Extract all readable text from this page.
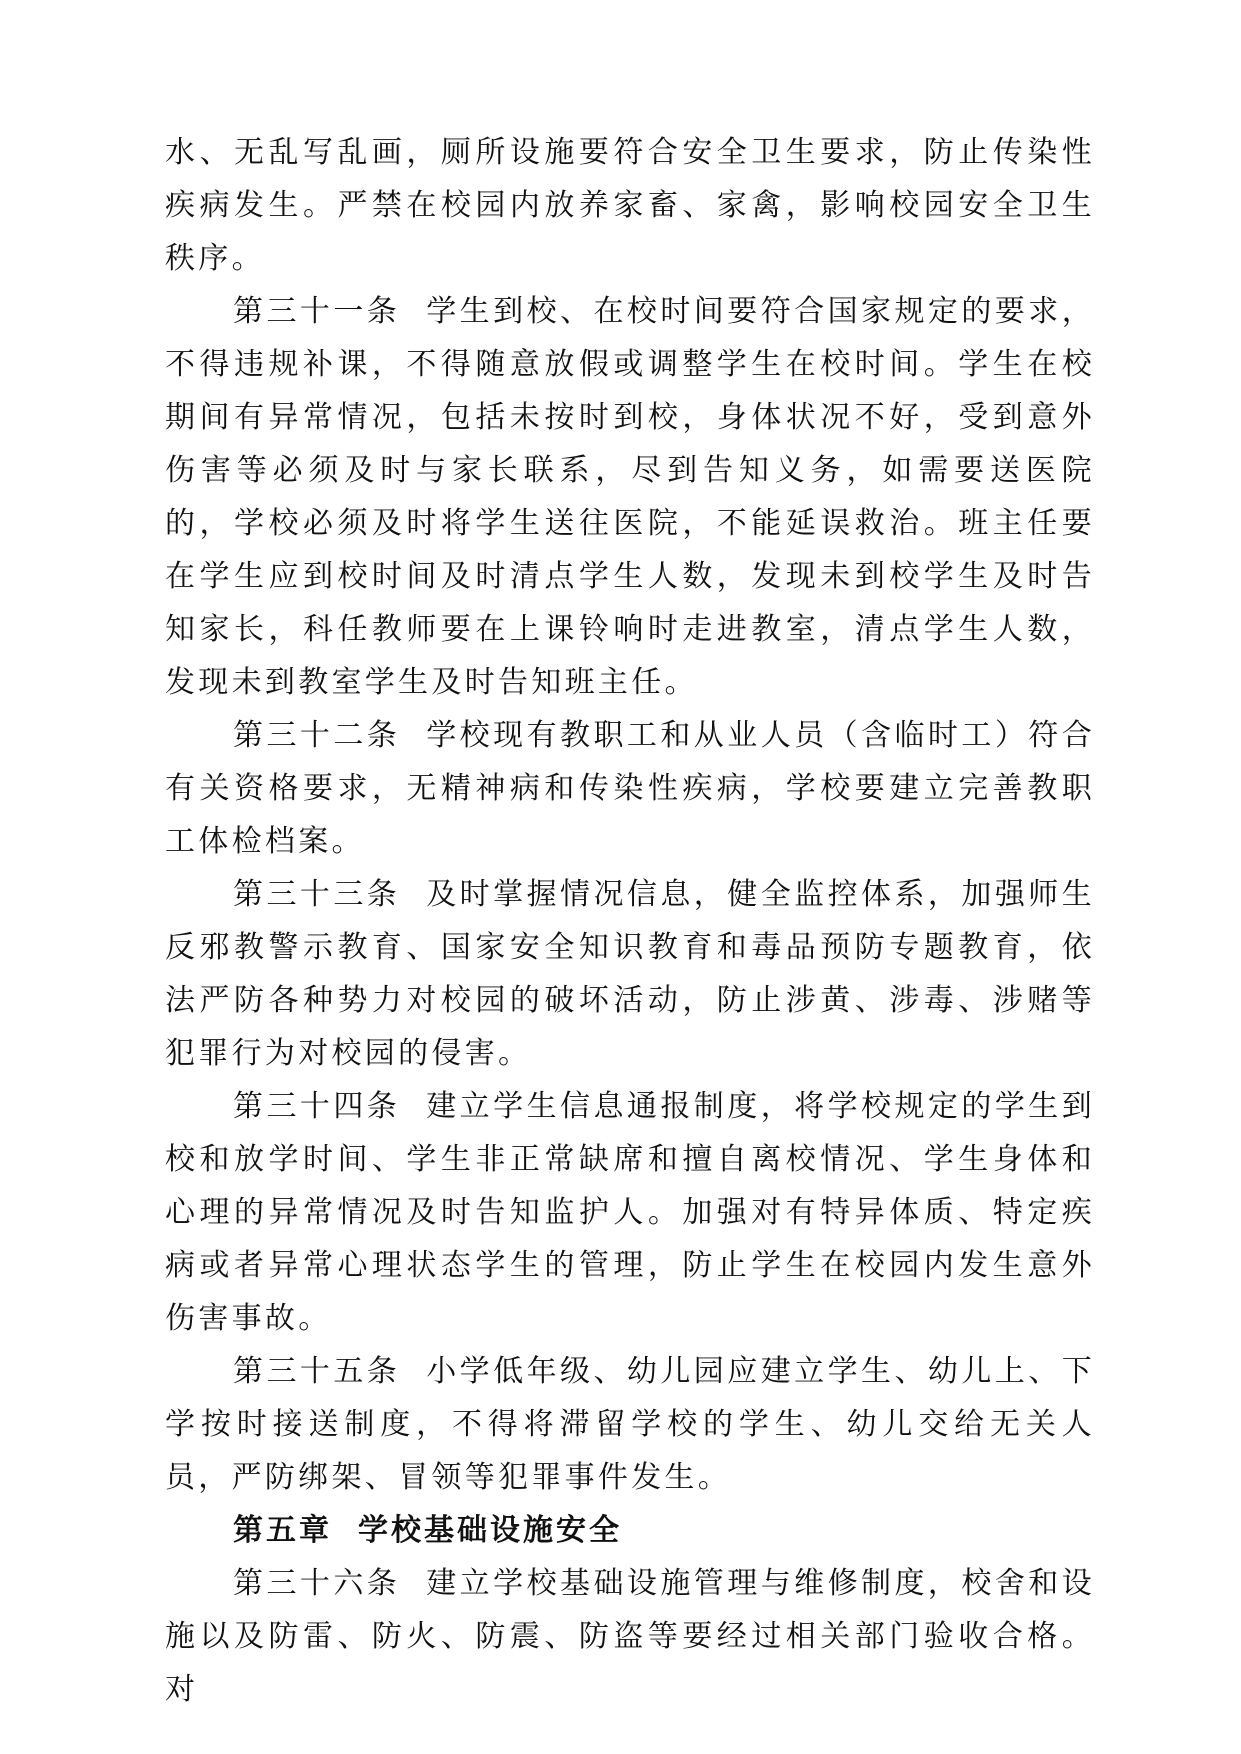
水、无乱写乱画，厕所设施要符合安全卫生要求，防止传染性疾病发生。严禁在校园内放养家畜、家禽，影响校园安全卫生秩序。

第三十一条 学生到校、在校时间要符合国家规定的要求，不得违规补课，不得随意放假或调整学生在校时间。学生在校期间有异常情况，包括未按时到校，身体状况不好，受到意外伤害等必须及时与家长联系，尽到告知义务，如需要送医院的，学校必须及时将学生送往医院，不能延误救治。班主任要在学生应到校时间及时清点学生人数，发现未到校学生及时告知家长，科任教师要在上课铃响时走进教室，清点学生人数，发现未到教室学生及时告知班主任。

第三十二条 学校现有教职工和从业人员（含临时工）符合有关资格要求，无精神病和传染性疾病，学校要建立完善教职工体检档案。

第三十三条 及时掌握情况信息，健全监控体系，加强师生反邪教警示教育、国家安全知识教育和毒品预防专题教育，依法严防各种势力对校园的破坏活动，防止涉黄、涉毒、涉赌等犯罪行为对校园的侵害。

第三十四条 建立学生信息通报制度，将学校规定的学生到校和放学时间、学生非正常缺席和擅自离校情况、学生身体和心理的异常情况及时告知监护人。加强对有特异体质、特定疾病或者异常心理状态学生的管理，防止学生在校园内发生意外伤害事故。

第三十五条 小学低年级、幼儿园应建立学生、幼儿上、下学按时接送制度，不得将滞留学校的学生、幼儿交给无关人员，严防绑架、冒领等犯罪事件发生。

第五章 学校基础设施安全

第三十六条 建立学校基础设施管理与维修制度，校舍和设施以及防雷、防火、防震、防盗等要经过相关部门验收合格。对
